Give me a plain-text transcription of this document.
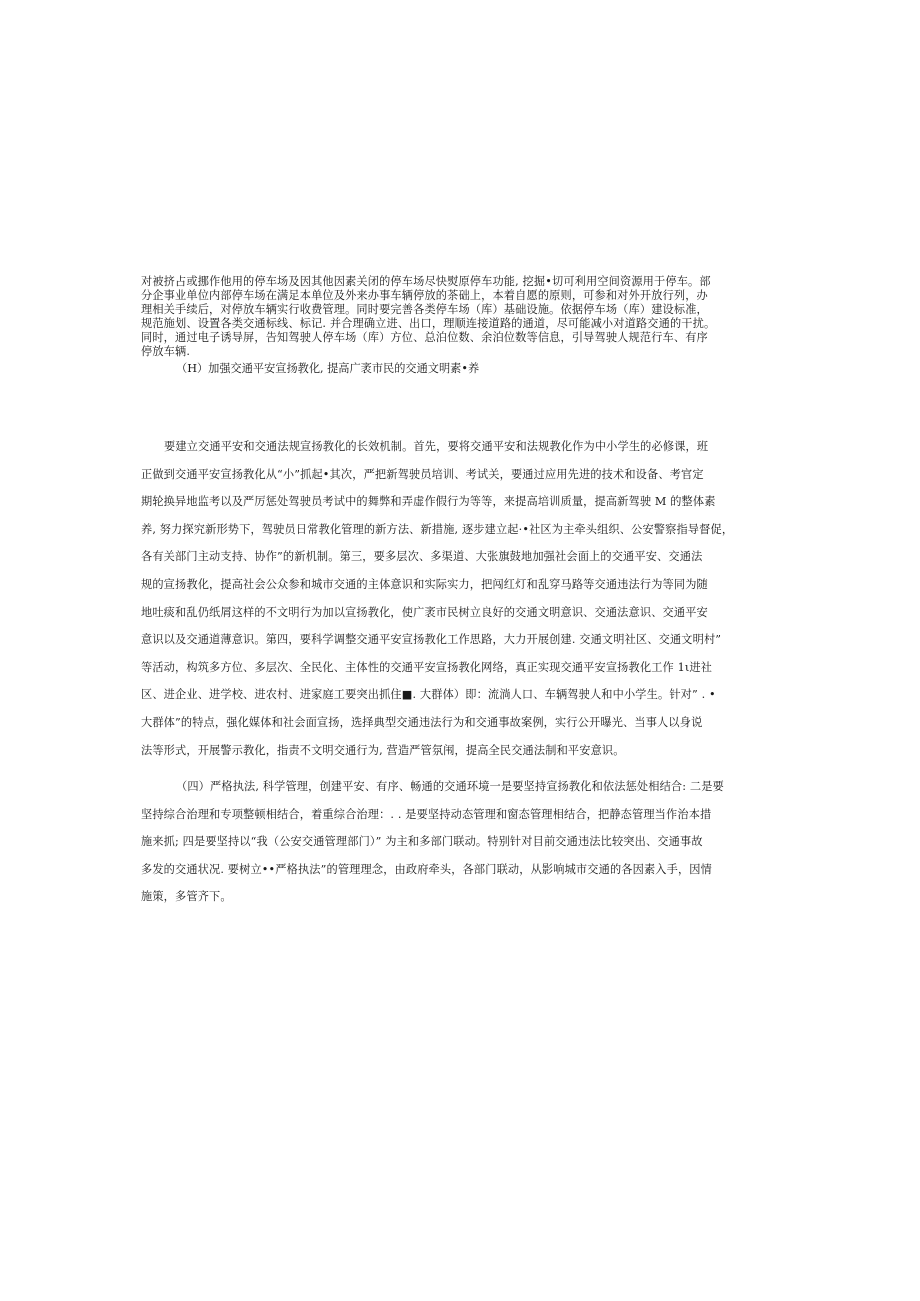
对被挤占或挪作他用的停车场及因其他因素关闭的停车场尽快熨原停车功能, 挖掘•切可利用空间资源用于停车。部

分企事业单位内部停车场在满足本单位及外来办事车辆停放的茶础上，本着自愿的原则，可参和对外开放行列，办

理相关手续后，对停放车辆实行收费管理。同时要完善各类停车场（库）基础设施。依据停车场（库）建设标准，

规范施划、设置各类交通标线、标记. 并合理确立进、出口，理顺连接道路的通道，尽可能减小对道路交通的干扰。

同时，通过电子诱导屏，告知驾驶人停车场（库）方位、总泊位数、余泊位数等信息，引导驾驶人规范行车、有序

停放车辆.

（H）加强交通平安宣扬教化, 提高广袤市民的交通文明素•养

要建立交通平安和交通法规宣扬教化的长效机制。首先，要将交通平安和法规教化作为中小学生的必修课，班

正做到交通平安宣扬教化从“小”抓起•其次，严把新驾驶员培训、考试关，要通过应用先进的技术和设备、考官定

期轮换异地监考以及严厉惩处驾驶员考试中的舞弊和弄虚作假行为等等，来提高培训质量，提高新驾驶 M 的整体素

养, 努力探究新形势下，驾驶员日常教化管理的新方法、新措施, 逐步建立起·•社区为主牵头组织、公安警察指导督促，

各有关部门主动支持、协作”的新机制。第三，要多层次、多渠道、大张旗鼓地加强社会面上的交通平安、交通法

规的宣扬教化，提高社会公众参和城市交通的主体意识和实际实力，把闯红灯和乱穿马路等交通违法行为等同为随

地吐痰和乱仍纸屑这样的不文明行为加以宣扬教化，使广袤市民树立良好的交通文明意识、交通法意识、交通平安

意识以及交通道薄意识。第四，要科学调整交通平安宣扬教化工作思路，大力开展创建. 交通文明社区、交通文明村”

等活动，构筑多方位、多层次、全民化、主体性的交通平安宣扬教化网络，真正实现交通平安宣扬教化工作 1ι进社

区、进企业、进学校、进农村、进家庭工要突出抓住■. 大群体）即：流淌人口、车辆驾驶人和中小学生。针对” . •

大群体”的特点，强化媒体和社会面宣扬，选择典型交通违法行为和交通事故案例，实行公开曝光、当事人以身说

法等形式，开展警示教化，指责不文明交通行为, 营造严管氛闱，提高全民交通法制和平安意识。

（四）严格执法, 科学管理，创建平安、有序、畅通的交通环境一是要坚持宣扬教化和依法惩处相结合: 二是要

坚持综合治理和专项整顿相结合，着重综合治理：. . 是要坚持动态管理和窗态管理相结合，把静态管理当作治本措

施来抓; 四是要坚持以“我（公安交通管理部门）” 为主和多部门联动。特别针对目前交通违法比较突出、交通事故

多发的交通状况. 要树立••严格执法”的管理理念，由政府牵头，各部门联动，从影响城市交通的各因素入手，因情

施策，多管齐下。
